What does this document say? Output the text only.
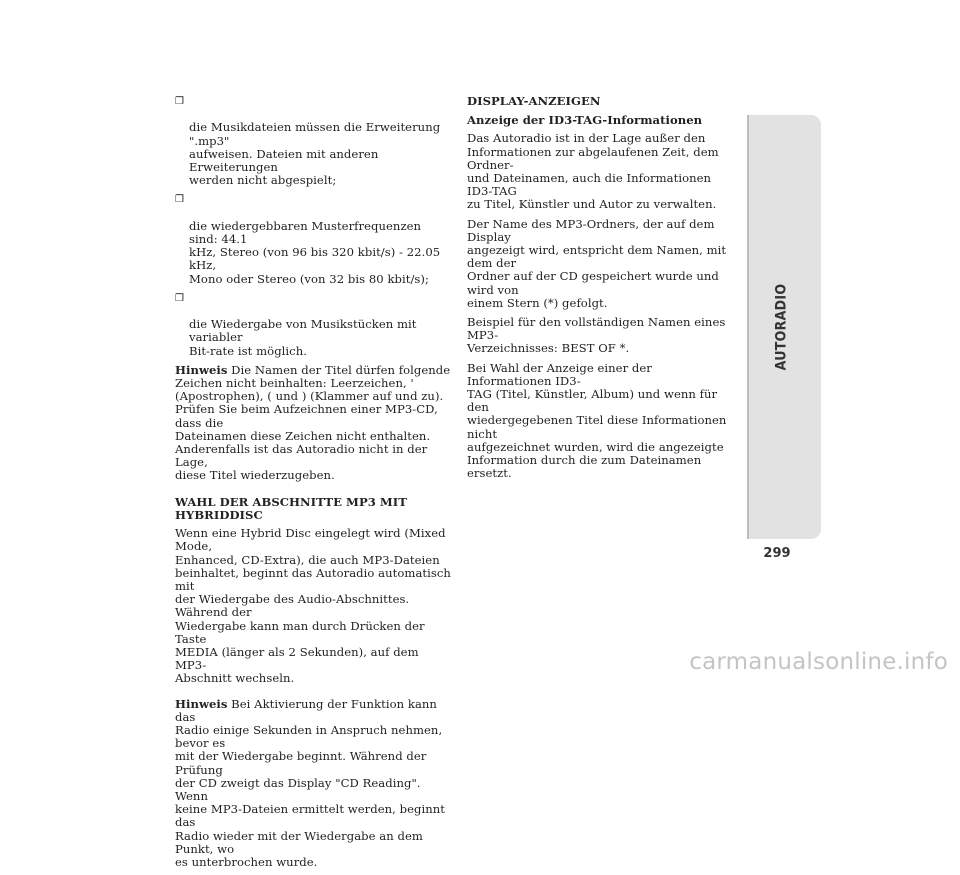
❒

die Musikdateien müssen die Erweiterung ".mp3"
aufweisen. Dateien mit anderen Erweiterungen
werden nicht abgespielt;

❒

die wiedergebbaren Musterfrequenzen sind: 44.1
kHz, Stereo (von 96 bis 320 kbit/s) - 22.05 kHz,
Mono oder Stereo (von 32 bis 80 kbit/s);

❒

die Wiedergabe von Musikstücken mit variabler
Bit-rate ist möglich.

Hinweis Die Namen der Titel dürfen folgende
Zeichen nicht beinhalten: Leerzeichen, '
(Apostrophen), ( und ) (Klammer auf und zu).
Prüfen Sie beim Aufzeichnen einer MP3-CD, dass die
Dateinamen diese Zeichen nicht enthalten.
Anderenfalls ist das Autoradio nicht in der Lage,
diese Titel wiederzugeben.

WAHL DER ABSCHNITTE MP3 MIT
HYBRIDDISC

Wenn eine Hybrid Disc eingelegt wird (Mixed Mode,
Enhanced, CD-Extra), die auch MP3-Dateien
beinhaltet, beginnt das Autoradio automatisch mit
der Wiedergabe des Audio-Abschnittes. Während der
Wiedergabe kann man durch Drücken der Taste
MEDIA (länger als 2 Sekunden), auf dem MP3-
Abschnitt wechseln.

Hinweis Bei Aktivierung der Funktion kann das
Radio einige Sekunden in Anspruch nehmen, bevor es
mit der Wiedergabe beginnt. Während der Prüfung
der CD zweigt das Display "CD Reading". Wenn
keine MP3-Dateien ermittelt werden, beginnt das
Radio wieder mit der Wiedergabe an dem Punkt, wo
es unterbrochen wurde.

DISPLAY-ANZEIGEN
Anzeige der ID3-TAG-Informationen

Das Autoradio ist in der Lage außer den
Informationen zur abgelaufenen Zeit, dem Ordner-
und Dateinamen, auch die Informationen ID3-TAG
zu Titel, Künstler und Autor zu verwalten.

Der Name des MP3-Ordners, der auf dem Display
angezeigt wird, entspricht dem Namen, mit dem der
Ordner auf der CD gespeichert wurde und wird von
einem Stern (*) gefolgt.

Beispiel für den vollständigen Namen eines MP3-
Verzeichnisses: BEST OF *.

Bei Wahl der Anzeige einer der Informationen ID3-
TAG (Titel, Künstler, Album) und wenn für den
wiedergegebenen Titel diese Informationen nicht
aufgezeichnet wurden, wird die angezeigte
Information durch die zum Dateinamen ersetzt.

AUTORADIO
299
carmanualsonline.info
